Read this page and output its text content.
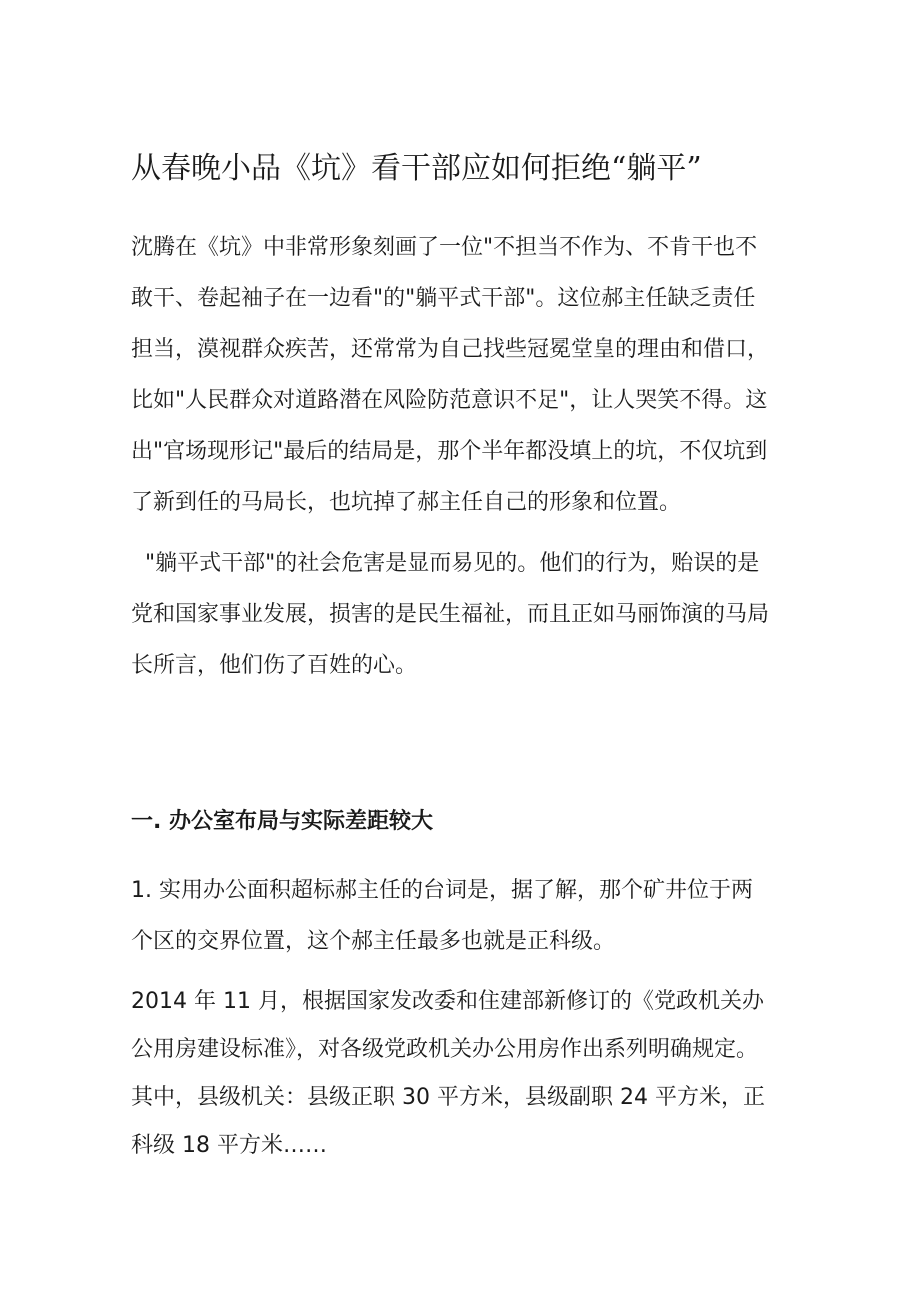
从春晚小品《坑》看干部应如何拒绝“躺平”

沈腾在《坑》中非常形象刻画了一位"不担当不作为、不肯干也不
敢干、卷起袖子在一边看"的"躺平式干部"。这位郝主任缺乏责任
担当，漠视群众疾苦，还常常为自己找些冠冕堂皇的理由和借口，
比如"人民群众对道路潜在风险防范意识不足"，让人哭笑不得。这
出"官场现形记"最后的结局是，那个半年都没填上的坑，不仅坑到
了新到任的马局长，也坑掉了郝主任自己的形象和位置。

"躺平式干部"的社会危害是显而易见的。他们的行为，贻误的是
党和国家事业发展，损害的是民生福祉，而且正如马丽饰演的马局
长所言，他们伤了百姓的心。

一. 办公室布局与实际差距较大

1. 实用办公面积超标郝主任的台词是，据了解，那个矿井位于两
个区的交界位置，这个郝主任最多也就是正科级。

2014 年 11 月，根据国家发改委和住建部新修订的《党政机关办
公用房建设标准》，对各级党政机关办公用房作出系列明确规定。
其中，县级机关：县级正职 30 平方米，县级副职 24 平方米，正
科级 18 平方米……
